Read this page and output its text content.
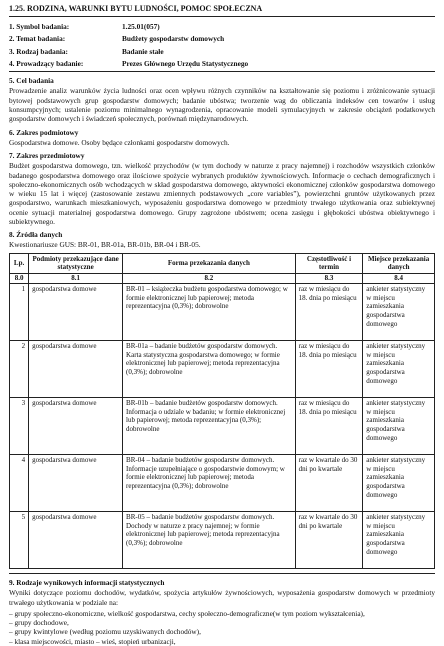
1.25. RODZINA, WARUNKI BYTU LUDNOŚCI, POMOC SPOŁECZNA
1. Symbol badania:	1.25.01(057)
2. Temat badania:	Budżety gospodarstw domowych
3. Rodzaj badania:	Badanie stałe
4. Prowadzący badanie:	Prezes Głównego Urzędu Statystycznego
5. Cel badania

Prowadzenie analiz warunków życia ludności oraz ocen wpływu różnych czynników na kształtowanie się poziomu i zróżnicowanie sytuacji bytowej podstawowych grup gospodarstw domowych; badanie ubóstwa; tworzenie wag do obliczania indeksów cen towarów i usług konsumpcyjnych; ustalenie poziomu minimalnego wynagrodzenia, opracowanie modeli symulacyjnych w zakresie obciążeń podatkowych gospodarstw domowych i świadczeń społecznych, porównań międzynarodowych.

6. Zakres podmiotowy

Gospodarstwa domowe. Osoby będące członkami gospodarstw domowych.

7. Zakres przedmiotowy

Budżet gospodarstwa domowego, tzn. wielkość przychodów (w tym dochody w naturze z pracy najemnej) i rozchodów wszystkich członków badanego gospodarstwa domowego oraz ilościowe spożycie wybranych produktów żywnościowych. Informacje o cechach demograficznych i społeczno-ekonomicznych osób wchodzących w skład gospodarstwa domowego, aktywności ekonomicznej członków gospodarstwa domowego w wieku 15 lat i więcej (zastosowanie zestawu zmiennych podstawowych „core variables”), powierzchni gruntów użytkowanych przez gospodarstwo, warunkach mieszkaniowych, wyposażeniu gospodarstwa domowego w przedmioty trwałego użytkowania oraz subiektywnej ocenie sytuacji materialnej gospodarstwa domowego. Grupy zagrożone ubóstwem; ocena zasięgu i głębokości ubóstwa obiektywnego i subiektywnego.

8. Źródła danych

Kwestionariusze GUS: BR-01, BR-01a, BR-01b, BR-04 i BR-05.

Lp.	Podmioty przekazujące dane statystyczne	Forma przekazania danych	Częstotliwość i termin	Miejsce przekazania danych
8.0	8.1	8.2	8.3	8.4
1	gospodarstwa domowe	BR-01 – książeczka budżetu gospodarstwa domowego; w formie elektronicznej lub papierowej; metoda reprezentacyjna (0,3%); dobrowolne	raz w miesiącu do 18. dnia po miesiącu	ankieter statystyczny w miejscu zamieszkania gospodarstwa domowego
2	gospodarstwa domowe	BR-01a – badanie budżetów gospodarstw domowych. Karta statystyczna gospodarstwa domowego; w formie elektronicznej lub papierowej; metoda reprezentacyjna (0,3%); dobrowolne	raz w miesiącu do 18. dnia po miesiącu	ankieter statystyczny w miejscu zamieszkania gospodarstwa domowego
3	gospodarstwa domowe	BR-01b – badanie budżetów gospodarstw domowych. Informacja o udziale w badaniu; w formie elektronicznej lub papierowej; metoda reprezentacyjna (0,3%); dobrowolne	raz w miesiącu do 18. dnia po miesiącu	ankieter statystyczny w miejscu zamieszkania gospodarstwa domowego
4	gospodarstwa domowe	BR-04 – badanie budżetów gospodarstw domowych. Informacje uzupełniające o gospodarstwie domowym; w formie elektronicznej lub papierowej; metoda reprezentacyjna (0,3%); dobrowolne	raz w kwartale do 30 dni po kwartale	ankieter statystyczny w miejscu zamieszkania gospodarstwa domowego
5	gospodarstwa domowe	BR-05 – badanie budżetów gospodarstw domowych. Dochody w naturze z pracy najemnej; w formie elektronicznej lub papierowej; metoda reprezentacyjna (0,3%); dobrowolne	raz w kwartale do 30 dni po kwartale	ankieter statystyczny w miejscu zamieszkania gospodarstwa domowego
9. Rodzaje wynikowych informacji statystycznych

Wyniki dotyczące poziomu dochodów, wydatków, spożycia artykułów żywnościowych, wyposażenia gospodarstw domowych w przedmioty trwałego użytkowania w podziale na:

– grupy społeczno-ekonomiczne, wielkość gospodarstwa, cechy społeczno-demograficzne(w tym poziom wykształcenia),
– grupy dochodowe,
– grupy kwintylowe (według poziomu uzyskiwanych dochodów),
– klasa miejscowości, miasto – wieś, stopień urbanizacji,
